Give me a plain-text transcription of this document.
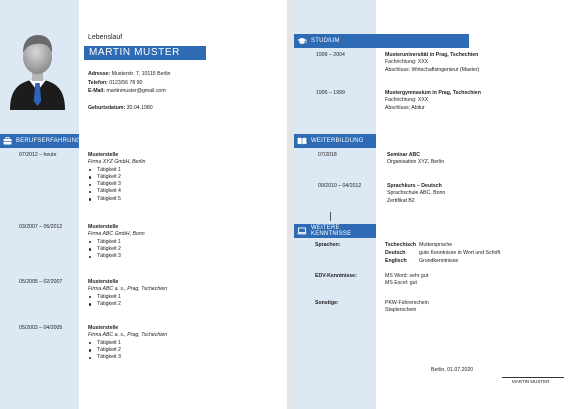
Lebenslauf
MARTIN MUSTER
Adresse: Musterstr. 7, 10115 Berlin
Telefon: 0123/56 78 90
E-Mail: martinmuster@gmail.com
Geburtsdatum: 30.04.1980
BERUFSERFAHRUNG
07/2012 – heute	Musterstelle
Firma XYZ GmbH, Berlin
Tätigkeit 1
Tätigkeit 2
Tätigkeit 3
Tätigkeit 4
Tätigkeit 5
03/2007 – 06/2012	Musterstelle
Firma ABC GmbH, Bonn
Tätigkeit 1
Tätigkeit 2
Tätigkeit 3
05/2005 – 02/2007	Musterstelle
Firma ABC a. s., Prag, Tschechien
Tätigkeit 1
Tätigkeit 2
05/2003 – 04/2005	Musterstelle
Firma ABC a. s., Prag, Tschechien
Tätigkeit 1
Tätigkeit 2
Tätigkeit 3
STUDIUM
1999 – 2004	Musteruniversität in Prag, Tschechien
Fachrichtung: XXX
Abschluss: Wirtschaftsingenieur (Master)
1995 – 1999	Mustergymnasium in Prag, Tschechien
Fachrichtung: XXX
Abschluss: Abitur
WEITERBILDUNG
07/2018	Seminar ABC
Organisation XYZ, Berlin
09/2010 – 04/2012	Sprachkurs – Deutsch
Sprachschule ABC, Bonn
Zertifikat B2
WEITERE KENNTNISSE
Sprachen:	Tschechisch Muttersprache
Deutsch	gute Kenntnisse in Wort und Schrift
Englisch Grundkenntnisse
EDV-Kenntnisse:	MS Word: sehr gut
MS Excel: gut
Sonstige:	PKW-Führerschein
Staplerschein
Berlin, 01.07.2020
MARTIN MUSTER
